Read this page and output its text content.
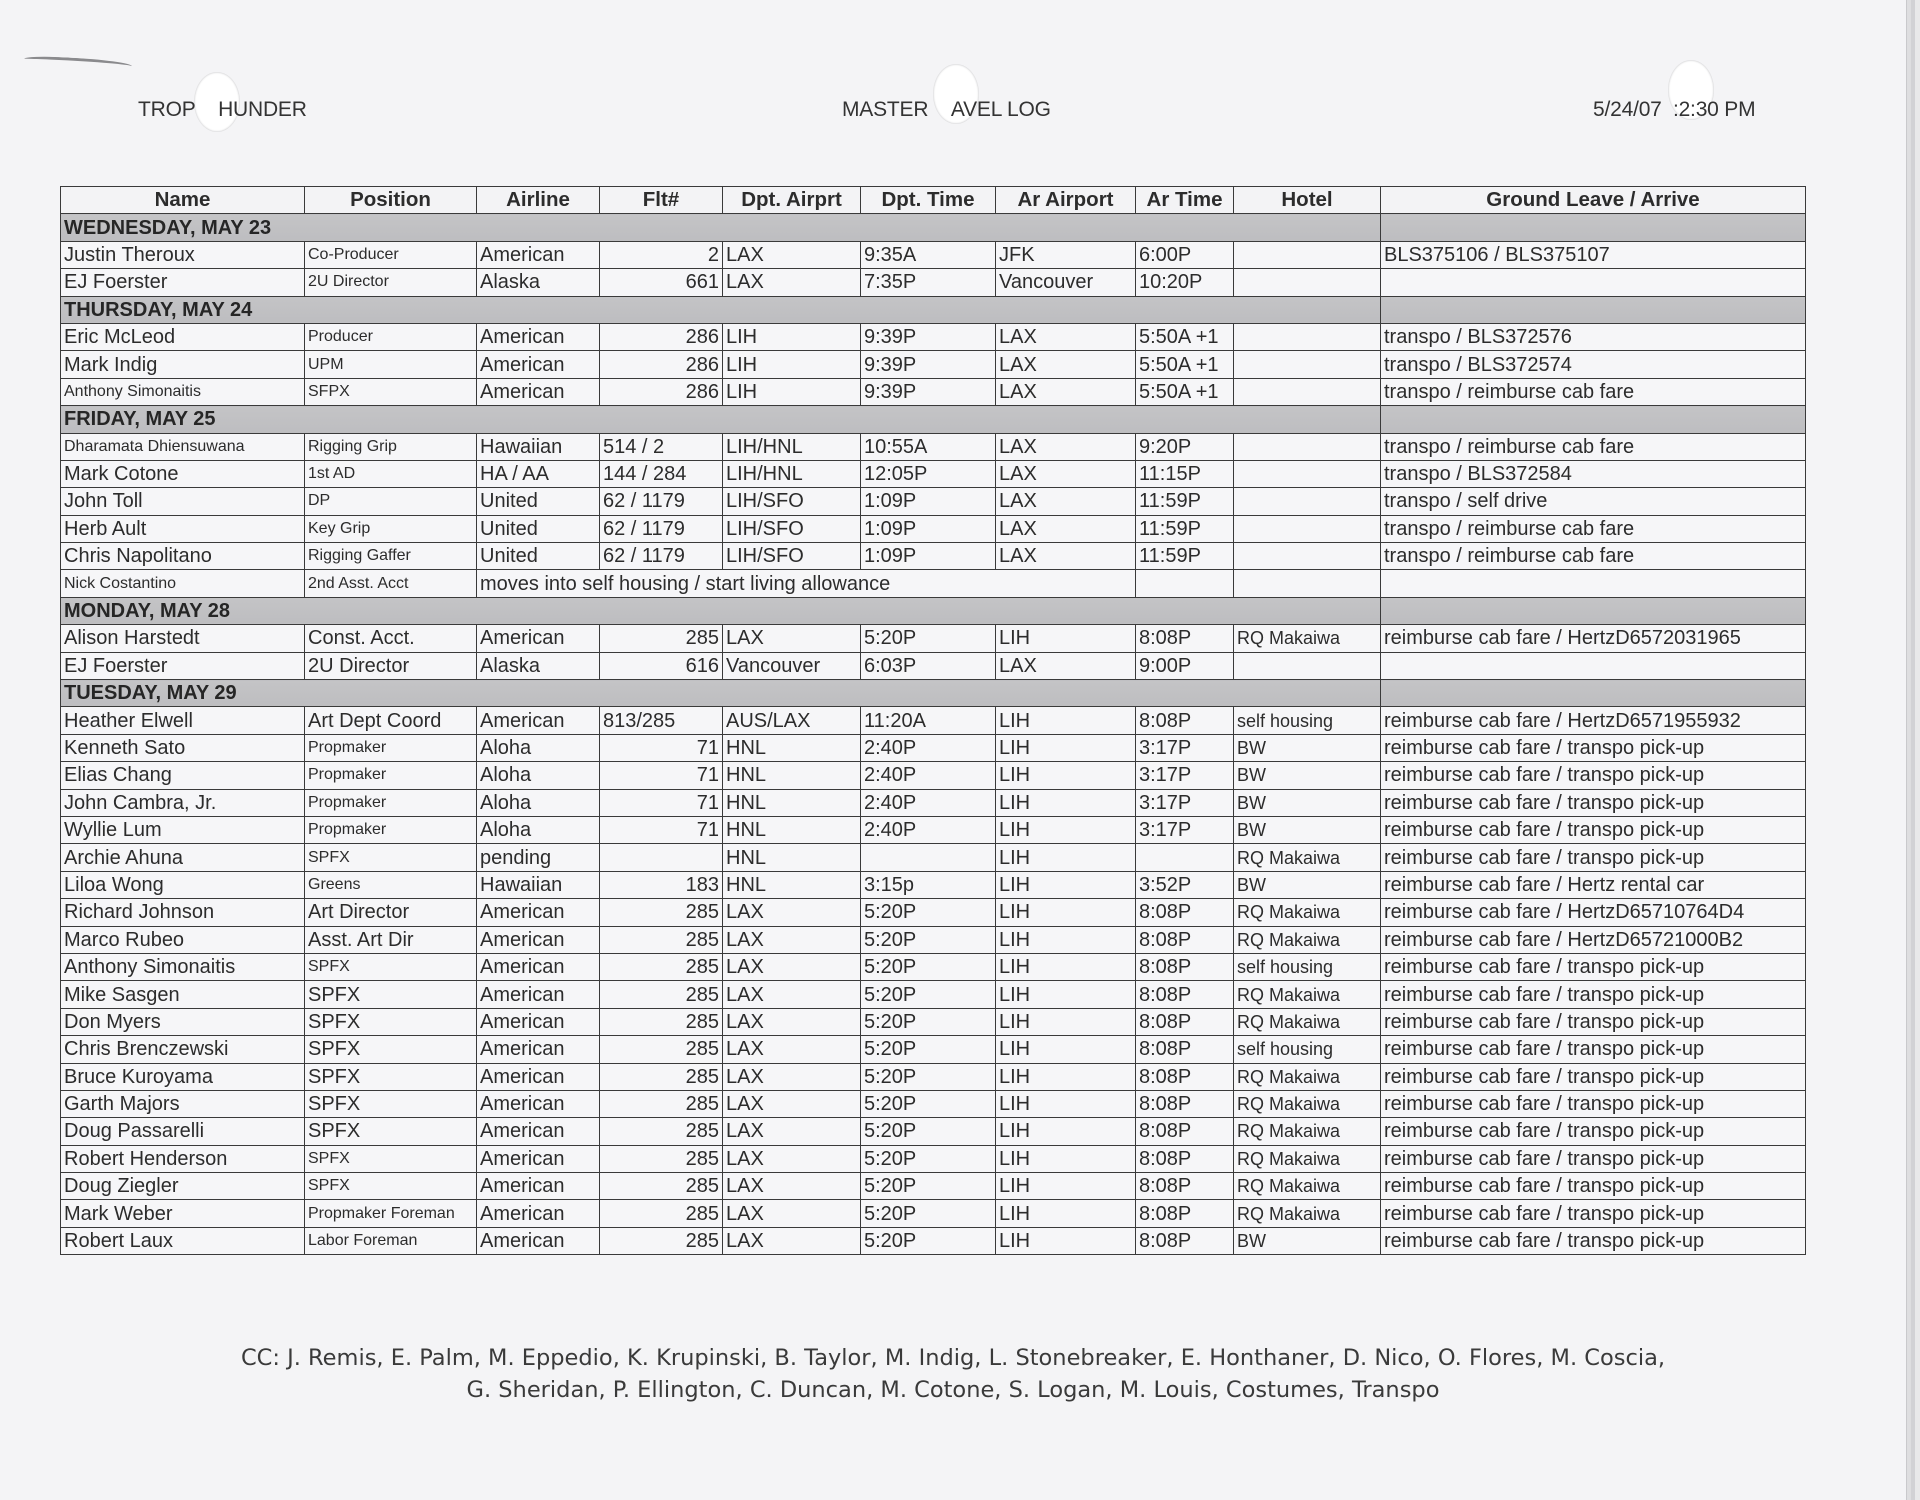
TROP    HUNDER	MASTER    AVEL LOG	5/24/07  :2:30 PM
Name	Position	Airline	Flt#	Dpt. Airprt	Dpt. Time	Ar Airport	Ar Time	Hotel	Ground Leave / Arrive
WEDNESDAY, MAY 23	
Justin Theroux	Co-Producer	American	2	LAX	9:35A	JFK	6:00P		BLS375106 / BLS375107
EJ Foerster	2U Director	Alaska	661	LAX	7:35P	Vancouver	10:20P		
THURSDAY, MAY 24	
Eric McLeod	Producer	American	286	LIH	9:39P	LAX	5:50A +1		transpo / BLS372576
Mark Indig	UPM	American	286	LIH	9:39P	LAX	5:50A +1		transpo / BLS372574
Anthony Simonaitis	SFPX	American	286	LIH	9:39P	LAX	5:50A +1		transpo / reimburse cab fare
FRIDAY, MAY 25	
Dharamata Dhiensuwana	Rigging Grip	Hawaiian	514 / 2	LIH/HNL	10:55A	LAX	9:20P		transpo / reimburse cab fare
Mark Cotone	1st AD	HA / AA	144 / 284	LIH/HNL	12:05P	LAX	11:15P		transpo / BLS372584
John Toll	DP	United	62 / 1179	LIH/SFO	1:09P	LAX	11:59P		transpo / self drive
Herb Ault	Key Grip	United	62 / 1179	LIH/SFO	1:09P	LAX	11:59P		transpo / reimburse cab fare
Chris Napolitano	Rigging Gaffer	United	62 / 1179	LIH/SFO	1:09P	LAX	11:59P		transpo / reimburse cab fare
Nick Costantino	2nd Asst. Acct	moves into self housing / start living allowance				
MONDAY, MAY 28	
Alison Harstedt	Const. Acct.	American	285	LAX	5:20P	LIH	8:08P	RQ Makaiwa	reimburse cab fare / HertzD6572031965
EJ Foerster	2U Director	Alaska	616	Vancouver	6:03P	LAX	9:00P		
TUESDAY, MAY 29	
Heather Elwell	Art Dept Coord	American	813/285	AUS/LAX	11:20A	LIH	8:08P	self housing	reimburse cab fare / HertzD6571955932
Kenneth Sato	Propmaker	Aloha	71	HNL	2:40P	LIH	3:17P	BW	reimburse cab fare / transpo pick-up
Elias Chang	Propmaker	Aloha	71	HNL	2:40P	LIH	3:17P	BW	reimburse cab fare / transpo pick-up
John Cambra, Jr.	Propmaker	Aloha	71	HNL	2:40P	LIH	3:17P	BW	reimburse cab fare / transpo pick-up
Wyllie Lum	Propmaker	Aloha	71	HNL	2:40P	LIH	3:17P	BW	reimburse cab fare / transpo pick-up
Archie Ahuna	SPFX	pending		HNL		LIH		RQ Makaiwa	reimburse cab fare / transpo pick-up
Liloa Wong	Greens	Hawaiian	183	HNL	3:15p	LIH	3:52P	BW	reimburse cab fare / Hertz rental car
Richard Johnson	Art Director	American	285	LAX	5:20P	LIH	8:08P	RQ Makaiwa	reimburse cab fare / HertzD65710764D4
Marco Rubeo	Asst. Art Dir	American	285	LAX	5:20P	LIH	8:08P	RQ Makaiwa	reimburse cab fare / HertzD65721000B2
Anthony Simonaitis	SPFX	American	285	LAX	5:20P	LIH	8:08P	self housing	reimburse cab fare / transpo pick-up
Mike Sasgen	SPFX	American	285	LAX	5:20P	LIH	8:08P	RQ Makaiwa	reimburse cab fare / transpo pick-up
Don Myers	SPFX	American	285	LAX	5:20P	LIH	8:08P	RQ Makaiwa	reimburse cab fare / transpo pick-up
Chris Brenczewski	SPFX	American	285	LAX	5:20P	LIH	8:08P	self housing	reimburse cab fare / transpo pick-up
Bruce Kuroyama	SPFX	American	285	LAX	5:20P	LIH	8:08P	RQ Makaiwa	reimburse cab fare / transpo pick-up
Garth Majors	SPFX	American	285	LAX	5:20P	LIH	8:08P	RQ Makaiwa	reimburse cab fare / transpo pick-up
Doug Passarelli	SPFX	American	285	LAX	5:20P	LIH	8:08P	RQ Makaiwa	reimburse cab fare / transpo pick-up
Robert Henderson	SPFX	American	285	LAX	5:20P	LIH	8:08P	RQ Makaiwa	reimburse cab fare / transpo pick-up
Doug Ziegler	SPFX	American	285	LAX	5:20P	LIH	8:08P	RQ Makaiwa	reimburse cab fare / transpo pick-up
Mark Weber	Propmaker Foreman	American	285	LAX	5:20P	LIH	8:08P	RQ Makaiwa	reimburse cab fare / transpo pick-up
Robert Laux	Labor Foreman	American	285	LAX	5:20P	LIH	8:08P	BW	reimburse cab fare / transpo pick-up
CC: J. Remis, E. Palm, M. Eppedio, K. Krupinski, B. Taylor, M. Indig, L. Stonebreaker, E. Honthaner, D. Nico, O. Flores, M. Coscia,
G. Sheridan, P. Ellington, C. Duncan, M. Cotone, S. Logan, M. Louis, Costumes, Transpo
